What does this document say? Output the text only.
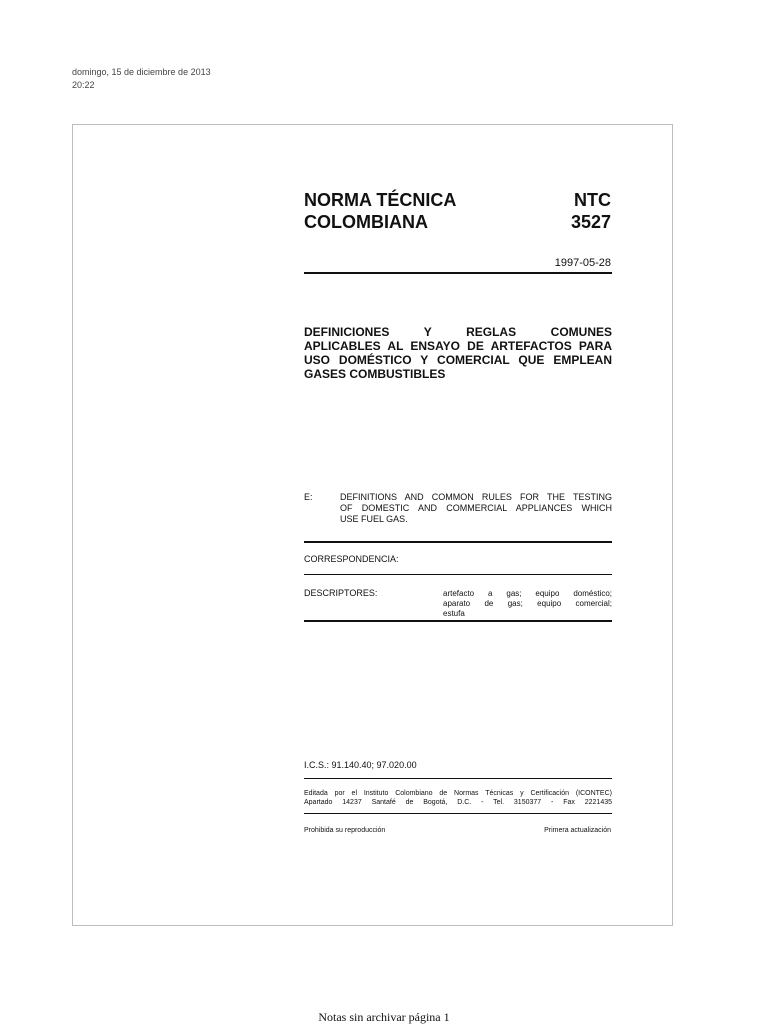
domingo, 15 de diciembre de 2013
20:22
NORMA TÉCNICA
COLOMBIANA
NTC
3527
1997-05-28
DEFINICIONES Y REGLAS COMUNES
APLICABLES AL ENSAYO DE ARTEFACTOS PARA
USO DOMÉSTICO Y COMERCIAL QUE EMPLEAN
GASES COMBUSTIBLES
E:	DEFINITIONS AND COMMON RULES FOR THE TESTING
OF DOMESTIC AND COMMERCIAL APPLIANCES WHICH
USE FUEL GAS.
CORRESPONDENCIA:
DESCRIPTORES:	artefacto a gas; equipo doméstico;
aparato de gas; equipo comercial;
estufa
I.C.S.: 91.140.40; 97.020.00
Editada por el Instituto Colombiano de Normas Técnicas y Certificación (ICONTEC)
Apartado 14237 Santafé de Bogotá, D.C. - Tel. 3150377 - Fax 2221435
Prohibida su reproducción	Primera actualización
Notas sin archivar página 1
